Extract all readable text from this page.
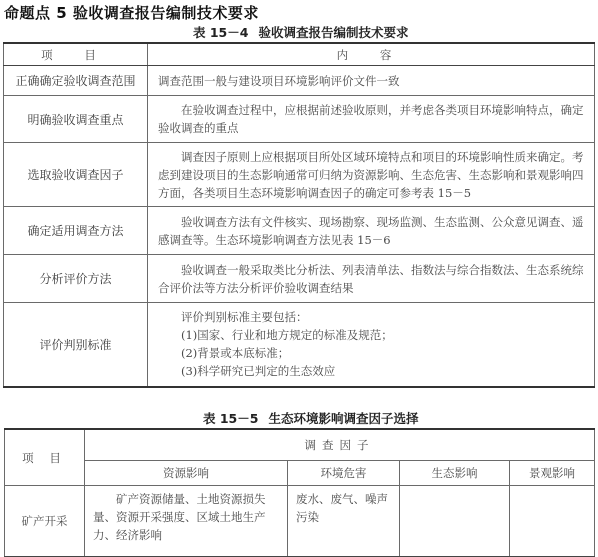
命题点 5 验收调查报告编制技术要求
表 15－4 验收调查报告编制技术要求
项 目	内 容
正确确定验收调查范围	调查范围一般与建设项目环境影响评价文件一致
明确验收调查重点	在验收调查过程中，应根据前述验收原则，并考虑各类项目环境影响特点，确定验收调查的重点
选取验收调查因子	调查因子原则上应根据项目所处区域环境特点和项目的环境影响性质来确定。考虑到建设项目的生态影响通常可归纳为资源影响、生态危害、生态影响和景观影响四方面，各类项目生态环境影响调查因子的确定可参考表 15－5
确定适用调查方法	验收调查方法有文件核实、现场勘察、现场监测、生态监测、公众意见调查、遥感调查等。生态环境影响调查方法见表 15－6
分析评价方法	验收调查一般采取类比分析法、列表清单法、指数法与综合指数法、生态系统综合评价法等方法分析评价验收调查结果
评价判别标准	评价判别标准主要包括：
(1)国家、行业和地方规定的标准及规范；
(2)背景或本底标准；
(3)科学研究已判定的生态效应
表 15－5 生态环境影响调查因子选择
项 目	调查因子			
	资源影响	环境危害	生态影响	景观影响
矿产开采	矿产资源储量、土地资源损失量、资源开采强度、区域土地生产力、经济影响	废水、废气、噪声污染		
